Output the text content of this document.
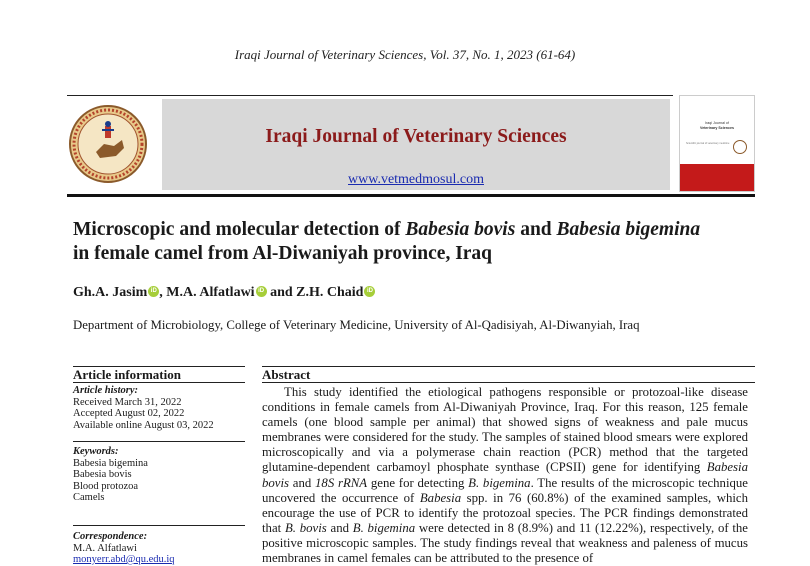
Iraqi Journal of Veterinary Sciences, Vol. 37, No. 1, 2023 (61-64)
Iraqi Journal of Veterinary Sciences
www.vetmedmosul.com
Iraqi Journal of
Veterinary Sciences
Scientific journal of veterinary medicine
Microscopic and molecular detection of Babesia bovis and Babesia bigemina in female camel from Al-Diwaniyah province, Iraq
Gh.A. JasimiD , M.A. AlfatlawiiD and Z.H. ChaidiD
Department of Microbiology, College of Veterinary Medicine, University of Al-Qadisiyah, Al-Diwanyiah, Iraq
Article information	Abstract
Article history:
Received March 31, 2022
Accepted August 02, 2022
Available online August 03, 2022
Keywords:
Babesia bigemina
Babesia bovis
Blood protozoa
Camels
Correspondence:
M.A. Alfatlawi
monyerr.abd@qu.edu.iq
This study identified the etiological pathogens responsible or protozoal-like disease conditions in female camels from Al-Diwaniyah Province, Iraq. For this reason, 125 female camels (one blood sample per animal) that showed signs of weakness and pale mucus membranes were considered for the study. The samples of stained blood smears were explored microscopically and via a polymerase chain reaction (PCR) method that the targeted glutamine-dependent carbamoyl phosphate synthase (CPSII) gene for identifying Babesia bovis and 18S rRNA gene for detecting B. bigemina. The results of the microscopic technique uncovered the occurrence of Babesia spp. in 76 (60.8%) of the examined samples, which encourage the use of PCR to identify the protozoal species. The PCR findings demonstrated that B. bovis and B. bigemina were detected in 8 (8.9%) and 11 (12.22%), respectively, of the positive microscopic samples. The study findings reveal that weakness and paleness of mucus membranes in camel females can be attributed to the presence of
